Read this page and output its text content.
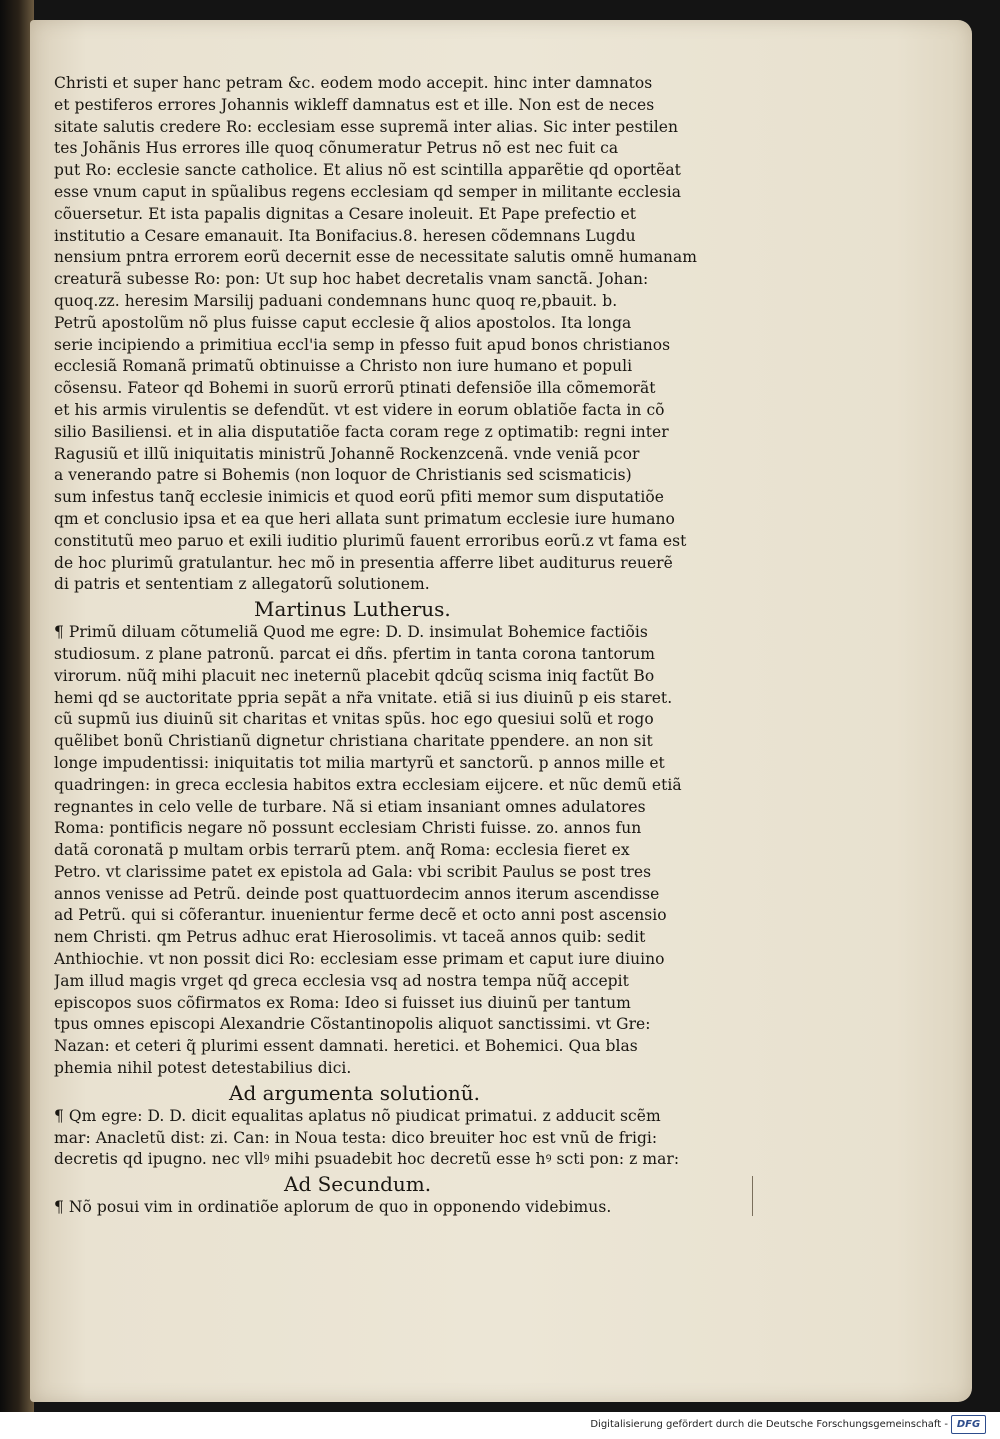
Christi et super hanc petram &c. eodem modo accepit. hinc inter damnatos
et pestiferos errores Johannis wikleff damnatus est et ille. Non est de neces
sitate salutis credere Ro: ecclesiam esse supremã inter alias. Sic inter pestilen
tes Johãnis Hus errores ille quoq cõnumeratur Petrus nõ est nec fuit ca
put Ro: ecclesie sancte catholice. Et alius nõ est scintilla apparẽtie qd oportẽat
esse vnum caput in spũalibus regens ecclesiam qd semper in militante ecclesia
cõuersetur. Et ista papalis dignitas a Cesare inoleuit. Et Pape prefectio et
institutio a Cesare emanauit. Ita Bonifacius.8. heresen cõdemnans Lugdu
nensium pntra errorem eorũ decernit esse de necessitate salutis omnẽ humanam
creaturã subesse Ro: pon: Ut sup hoc habet decretalis vnam sanctã. Johan:
quoq.zz. heresim Marsilij paduani condemnans hunc quoq re,pbauit. b.
Petrũ apostolũm nõ plus fuisse caput ecclesie q̃ alios apostolos. Ita longa
serie incipiendo a primitiua eccl'ia semp in pfesso fuit apud bonos christianos
ecclesiã Romanã primatũ obtinuisse a Christo non iure humano et populi
cõsensu. Fateor qd Bohemi in suorũ errorũ ptinati defensiõe illa cõmemorãt
et his armis virulentis se defendũt. vt est videre in eorum oblatiõe facta in cõ
silio Basiliensi. et in alia disputatiõe facta coram rege z optimatib: regni inter
Ragusiũ et illũ iniquitatis ministrũ Johannẽ Rockenzcenã. vnde veniã pcor
a venerando patre si Bohemis (non loquor de Christianis sed scismaticis)
sum infestus tanq̃ ecclesie inimicis et quod eorũ pfiti memor sum disputatiõe
qm et conclusio ipsa et ea que heri allata sunt primatum ecclesie iure humano
constitutũ meo paruo et exili iuditio plurimũ fauent erroribus eorũ.z vt fama est
de hoc plurimũ gratulantur. hec mõ in presentia afferre libet auditurus reuerẽ
di patris et sententiam z allegatorũ solutionem.
Martinus Lutherus.
¶ Primũ diluam cõtumeliã Quod me egre: D. D. insimulat Bohemice factiõis
studiosum. z plane patronũ. parcat ei dñs. pfertim in tanta corona tantorum
virorum. nũq̃ mihi placuit nec ineternũ placebit qdcũq scisma iniq factũt Bo
hemi qd se auctoritate ppria sepãt a nr̃a vnitate. etiã si ius diuinũ p eis staret.
cũ supmũ ius diuinũ sit charitas et vnitas spũs. hoc ego quesiui solũ et rogo
quẽlibet bonũ Christianũ dignetur christiana charitate ppendere. an non sit
longe impudentissi: iniquitatis tot milia martyrũ et sanctorũ. p annos mille et
quadringen: in greca ecclesia habitos extra ecclesiam eijcere. et nũc demũ etiã
regnantes in celo velle de turbare. Nã si etiam insaniant omnes adulatores
Roma: pontificis negare nõ possunt ecclesiam Christi fuisse. zo. annos fun
datã coronatã p multam orbis terrarũ ptem. anq̃ Roma: ecclesia fieret ex
Petro. vt clarissime patet ex epistola ad Gala: vbi scribit Paulus se post tres
annos venisse ad Petrũ. deinde post quattuordecim annos iterum ascendisse
ad Petrũ. qui si cõferantur. inuenientur ferme decẽ et octo anni post ascensio
nem Christi. qm Petrus adhuc erat Hierosolimis. vt taceã annos quib: sedit
Anthiochie. vt non possit dici Ro: ecclesiam esse primam et caput iure diuino
Jam illud magis vrget qd greca ecclesia vsq ad nostra tempa nũq̃ accepit
episcopos suos cõfirmatos ex Roma: Ideo si fuisset ius diuinũ per tantum
tpus omnes episcopi Alexandrie Cõstantinopolis aliquot sanctissimi. vt Gre:
Nazan: et ceteri q̃ plurimi essent damnati. heretici. et Bohemici. Qua blas
phemia nihil potest detestabilius dici.
Ad argumenta solutionũ.
¶ Qm egre: D. D. dicit equalitas aplatus nõ piudicat primatui. z adducit scẽm
mar: Anacletũ dist: zi. Can: in Noua testa: dico breuiter hoc est vnũ de frigi:
decretis qd ipugno. nec vllꝰ mihi psuadebit hoc decretũ esse hꝰ scti pon: z mar:
Ad Secundum.
¶ Nõ posui vim in ordinatiõe aplorum de quo in opponendo videbimus.
Digitalisierung gefördert durch die Deutsche Forschungsgemeinschaft - DFG
